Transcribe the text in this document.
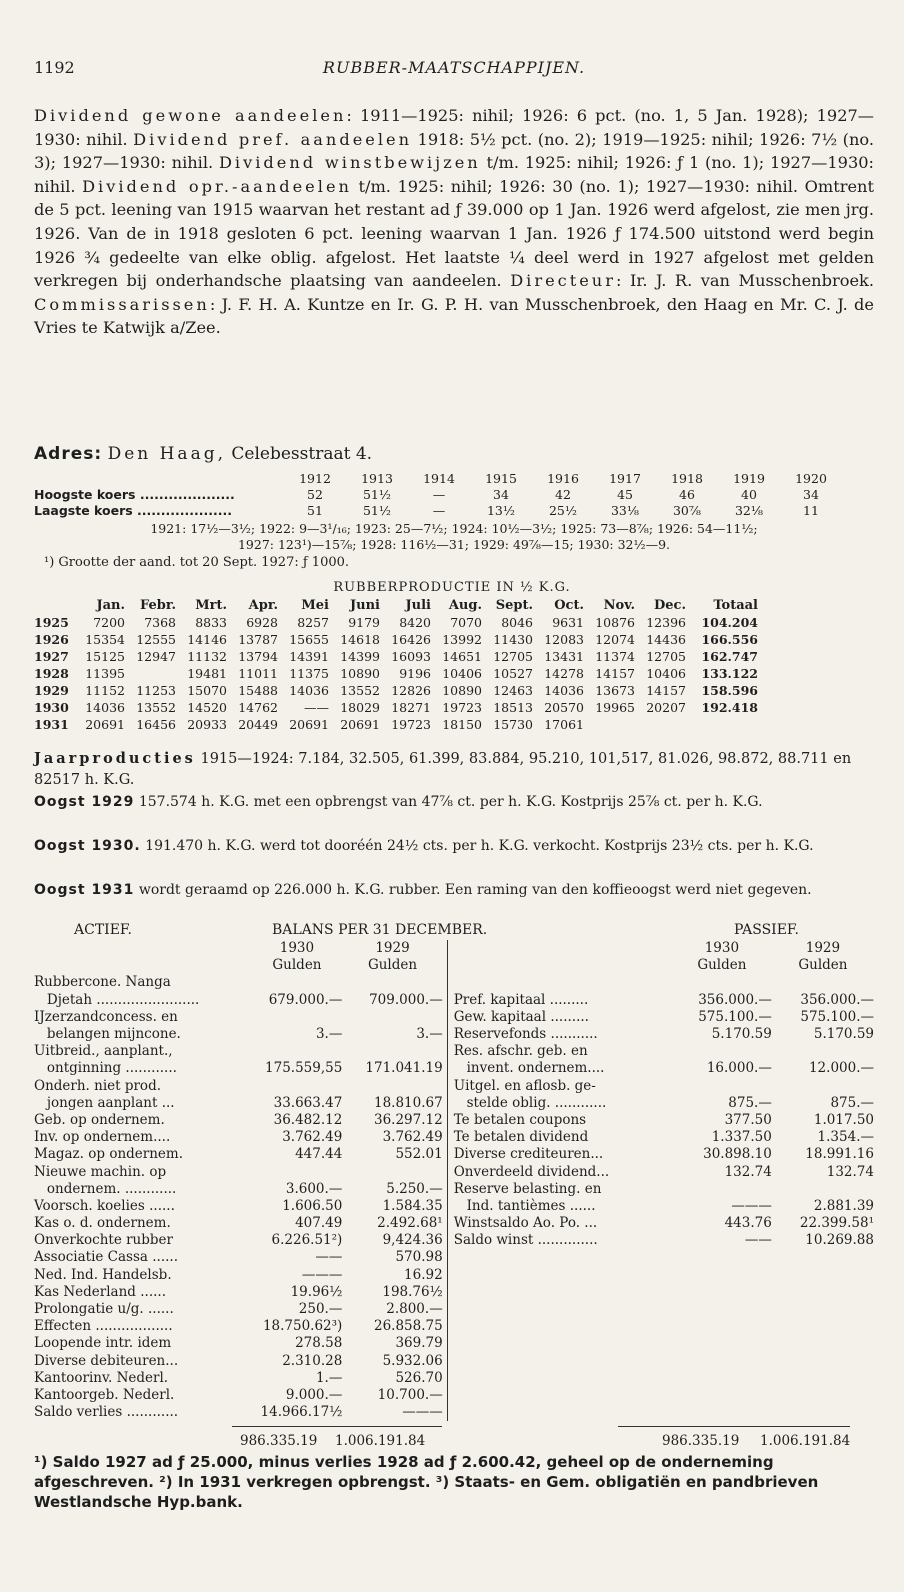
1192	RUBBER-MAATSCHAPPIJEN.
Dividend gewone aandeelen: 1911—1925: nihil; 1926: 6 pct. (no. 1, 5 Jan. 1928); 1927—1930: nihil. Dividend pref. aandeelen 1918: 5½ pct. (no. 2); 1919—1925: nihil; 1926: 7½ (no. 3); 1927—1930: nihil. Dividend winstbewijzen t/m. 1925: nihil; 1926: ƒ 1 (no. 1); 1927—1930: nihil. Dividend opr.-aandeelen t/m. 1925: nihil; 1926: 30 (no. 1); 1927—1930: nihil. Omtrent de 5 pct. leening van 1915 waarvan het restant ad ƒ 39.000 op 1 Jan. 1926 werd afgelost, zie men jrg. 1926. Van de in 1918 gesloten 6 pct. leening waarvan 1 Jan. 1926 ƒ 174.500 uitstond werd begin 1926 ¾ gedeelte van elke oblig. afgelost. Het laatste ¼ deel werd in 1927 afgelost met gelden verkregen bij onderhandsche plaatsing van aandeelen. Directeur: Ir. J. R. van Musschenbroek. Commissarissen: J. F. H. A. Kuntze en Ir. G. P. H. van Musschenbroek, den Haag en Mr. C. J. de Vries te Katwijk a/Zee.
Adres: Den Haag, Celebesstraat 4.
	1912	1913	1914	1915	1916	1917	1918	1919	1920
Hoogste koers ....................	52	51½	—	34	42	45	46	40	34
Laagste koers ....................	51	51½	—	13½	25½	33⅛	30⅞	32⅛	11
1921: 17½—3½; 1922: 9—3¹/₁₆; 1923: 25—7½; 1924: 10½—3½; 1925: 73—8⅞; 1926: 54—11½;
1927: 123¹)—15⅞; 1928: 116½—31; 1929: 49⅞—15; 1930: 32½—9.
¹) Grootte der aand. tot 20 Sept. 1927: ƒ 1000.
RUBBERPRODUCTIE IN ½ K.G.
	Jan.	Febr.	Mrt.	Apr.	Mei	Juni	Juli	Aug.	Sept.	Oct.	Nov.	Dec.	Totaal
1925	7200	7368	8833	6928	8257	9179	8420	7070	8046	9631	10876	12396	104.204
1926	15354	12555	14146	13787	15655	14618	16426	13992	11430	12083	12074	14436	166.556
1927	15125	12947	11132	13794	14391	14399	16093	14651	12705	13431	11374	12705	162.747
1928	11395		19481	11011	11375	10890	9196	10406	10527	14278	14157	10406	133.122
1929	11152	11253	15070	15488	14036	13552	12826	10890	12463	14036	13673	14157	158.596
1930	14036	13552	14520	14762	——	18029	18271	19723	18513	20570	19965	20207	192.418
1931	20691	16456	20933	20449	20691	20691	19723	18150	15730	17061			
Jaarproducties 1915—1924: 7.184, 32.505, 61.399, 83.884, 95.210, 101,517, 81.026, 98.872, 88.711 en 82517 h. K.G.
Oogst 1929 157.574 h. K.G. met een opbrengst van 47⅞ ct. per h. K.G. Kostprijs 25⅞ ct. per h. K.G.
Oogst 1930. 191.470 h. K.G. werd tot dooréén 24½ cts. per h. K.G. verkocht. Kostprijs 23½ cts. per h. K.G.
Oogst 1931 wordt geraamd op 226.000 h. K.G. rubber. Een raming van den koffieoogst werd niet gegeven.
ACTIEF.	BALANS PER 31 DECEMBER.	PASSIEF.
	1930	1929		1930	1929
	Gulden	Gulden		Gulden	Gulden
Rubbercone. Nanga					
Djetah ........................	679.000.—	709.000.—	Pref. kapitaal .........	356.000.—	356.000.—
IJzerzandconcess. en			Gew. kapitaal .........	575.100.—	575.100.—
belangen mijncone.	3.—	3.—	Reservefonds ...........	5.170.59	5.170.59
Uitbreid., aanplant.,			Res. afschr. geb. en		
ontginning ............	175.559,55	171.041.19	invent. ondernem....	16.000.—	12.000.—
Onderh. niet prod.			Uitgel. en aflosb. ge-		
jongen aanplant ...	33.663.47	18.810.67	stelde oblig. ............	875.—	875.—
Geb. op ondernem.	36.482.12	36.297.12	Te betalen coupons	377.50	1.017.50
Inv. op ondernem....	3.762.49	3.762.49	Te betalen dividend	1.337.50	1.354.—
Magaz. op ondernem.	447.44	552.01	Diverse crediteuren...	30.898.10	18.991.16
Nieuwe machin. op			Onverdeeld dividend...	132.74	132.74
ondernem. ............	3.600.—	5.250.—	Reserve belasting. en		
Voorsch. koelies ......	1.606.50	1.584.35	Ind. tantièmes ......	———	2.881.39
Kas o. d. ondernem.	407.49	2.492.68¹	Winstsaldo Ao. Po. ...	443.76	22.399.58¹
Onverkochte rubber	6.226.51²)	9,424.36	Saldo winst ..............	——	10.269.88
Associatie Cassa ......	——	570.98			
Ned. Ind. Handelsb.	———	16.92			
Kas Nederland ......	19.96½	198.76½			
Prolongatie u/g. ......	250.—	2.800.—			
Effecten ..................	18.750.62³)	26.858.75			
Loopende intr. idem	278.58	369.79			
Diverse debiteuren...	2.310.28	5.932.06			
Kantoorinv. Nederl.	1.—	526.70			
Kantoorgeb. Nederl.	9.000.—	10.700.—			
Saldo verlies ............	14.966.17½	———			
986.335.19 1.006.191.84	986.335.19 1.006.191.84
¹) Saldo 1927 ad ƒ 25.000, minus verlies 1928 ad ƒ 2.600.42, geheel op de onderneming afgeschreven. ²) In 1931 verkregen opbrengst. ³) Staats- en Gem. obligatiën en pandbrieven Westlandsche Hyp.bank.
